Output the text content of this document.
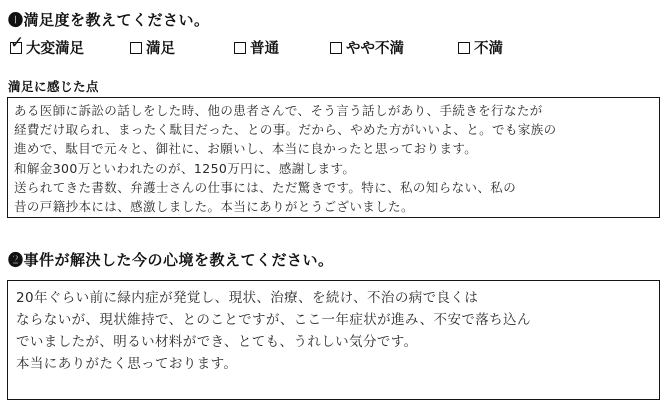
❶満足度を教えてください。
✓ 大変満足	満足	普通	やや不満	不満
満足に感じた点
ある医師に訴訟の話しをした時、他の患者さんで、そう言う話しがあり、手続きを行なたが
経費だけ取られ、まったく駄目だった、との事。だから、やめた方がいいよ、と。でも家族の
進めで、駄目で元々と、御社に、お願いし、本当に良かったと思っております。
和解金300万といわれたのが、1250万円に、感謝します。
送られてきた書数、弁護士さんの仕事には、ただ驚きです。特に、私の知らない、私の
昔の戸籍抄本には、感激しました。本当にありがとうございました。
❷事件が解決した今の心境を教えてください。
20年ぐらい前に緑内症が発覚し、現状、治療、を続け、不治の病で良くは
ならないが、現状維持で、とのことですが、ここ一年症状が進み、不安で落ち込ん
でいましたが、明るい材料ができ、とても、うれしい気分です。
本当にありがたく思っております。
